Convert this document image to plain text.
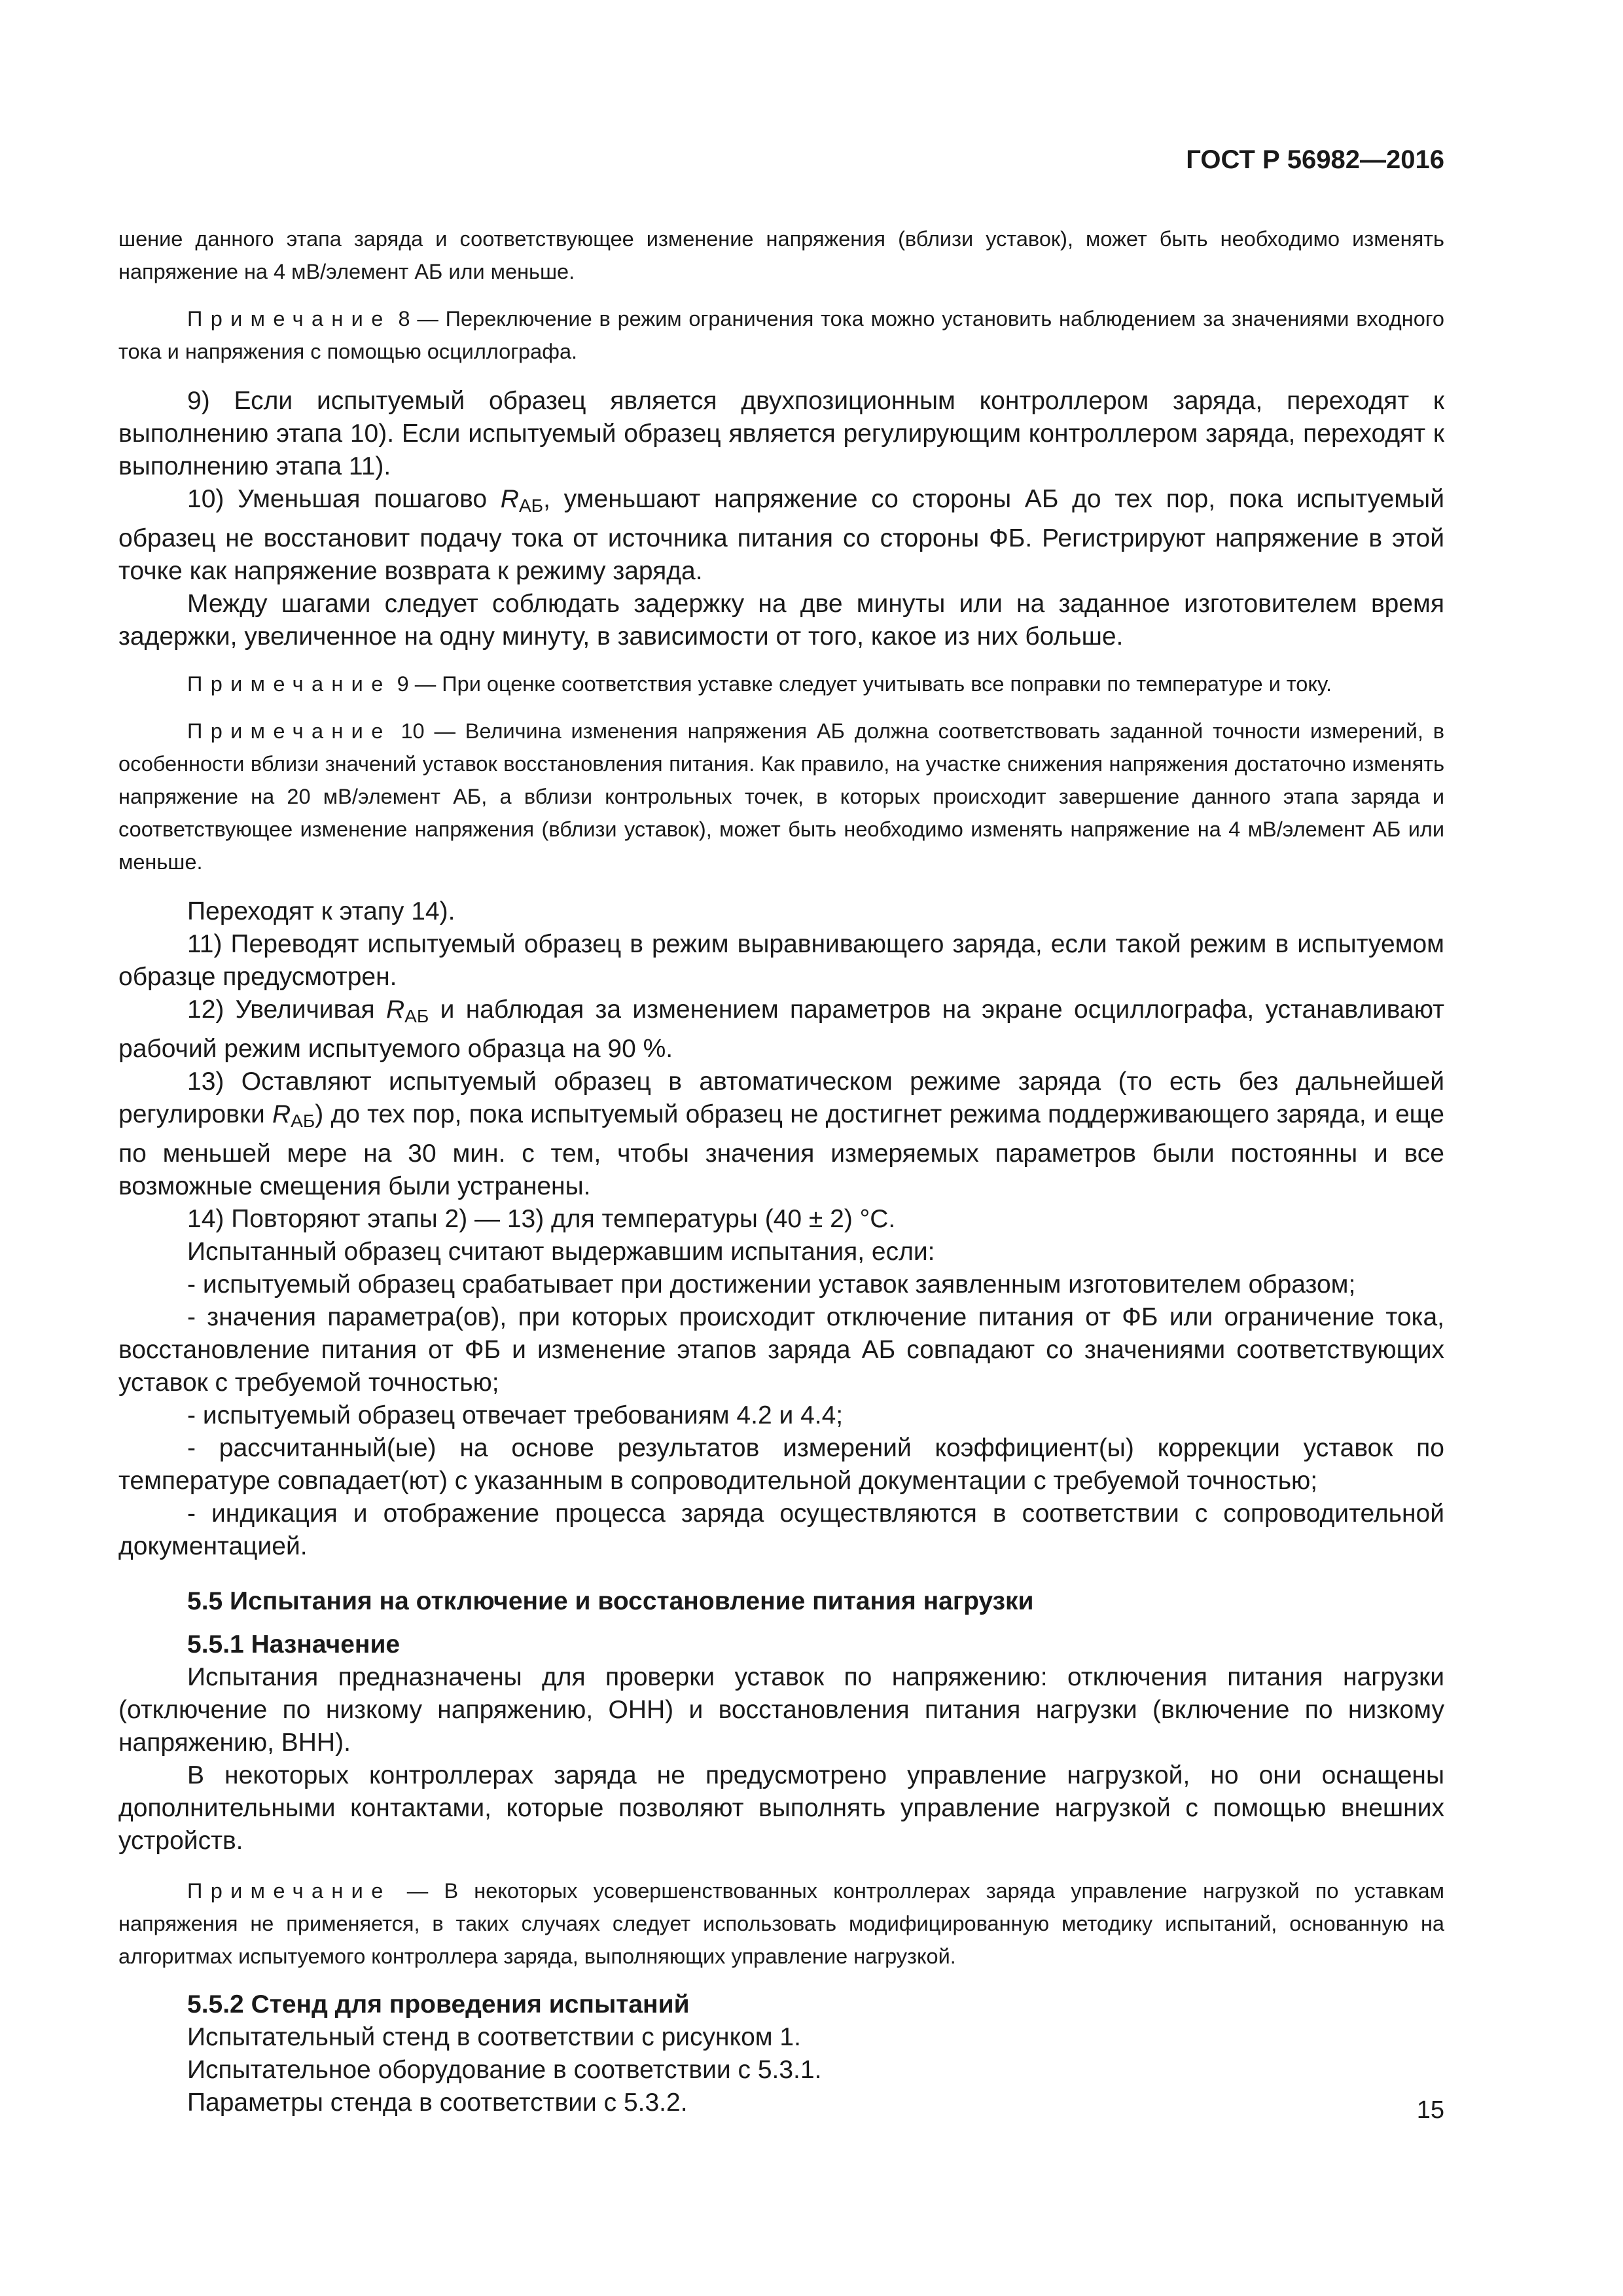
ГОСТ Р 56982—2016

шение данного этапа заряда и соответствующее изменение напряжения (вблизи уставок), может быть необходимо изменять напряжение на 4 мВ/элемент АБ или меньше.

Примечание 8 — Переключение в режим ограничения тока можно установить наблюдением за значениями входного тока и напряжения с помощью осциллографа.

9) Если испытуемый образец является двухпозиционным контроллером заряда, переходят к выполнению этапа 10). Если испытуемый образец является регулирующим контроллером заряда, переходят к выполнению этапа 11).

10) Уменьшая пошагово $R_{АБ}$, уменьшают напряжение со стороны АБ до тех пор, пока испытуемый образец не восстановит подачу тока от источника питания со стороны ФБ. Регистрируют напряжение в этой точке как напряжение возврата к режиму заряда.

Между шагами следует соблюдать задержку на две минуты или на заданное изготовителем время задержки, увеличенное на одну минуту, в зависимости от того, какое из них больше.

Примечание 9 — При оценке соответствия уставке следует учитывать все поправки по температуре и току.

Примечание 10 — Величина изменения напряжения АБ должна соответствовать заданной точности измерений, в особенности вблизи значений уставок восстановления питания. Как правило, на участке снижения напряжения достаточно изменять напряжение на 20 мВ/элемент АБ, а вблизи контрольных точек, в которых происходит завершение данного этапа заряда и соответствующее изменение напряжения (вблизи уставок), может быть необходимо изменять напряжение на 4 мВ/элемент АБ или меньше.

Переходят к этапу 14).

11) Переводят испытуемый образец в режим выравнивающего заряда, если такой режим в испытуемом образце предусмотрен.

12) Увеличивая $R_{АБ}$ и наблюдая за изменением параметров на экране осциллографа, устанавливают рабочий режим испытуемого образца на 90 %.

13) Оставляют испытуемый образец в автоматическом режиме заряда (то есть без дальнейшей регулировки $R_{АБ}$) до тех пор, пока испытуемый образец не достигнет режима поддерживающего заряда, и еще по меньшей мере на 30 мин. с тем, чтобы значения измеряемых параметров были постоянны и все возможные смещения были устранены.

14) Повторяют этапы 2) — 13) для температуры (40 ± 2) °С.

Испытанный образец считают выдержавшим испытания, если:

- испытуемый образец срабатывает при достижении уставок заявленным изготовителем образом;

- значения параметра(ов), при которых происходит отключение питания от ФБ или ограничение тока, восстановление питания от ФБ и изменение этапов заряда АБ совпадают со значениями соответствующих уставок с требуемой точностью;

- испытуемый образец отвечает требованиям 4.2 и 4.4;

- рассчитанный(ые) на основе результатов измерений коэффициент(ы) коррекции уставок по температуре совпадает(ют) с указанным в сопроводительной документации с требуемой точностью;

- индикация и отображение процесса заряда осуществляются в соответствии с сопроводительной документацией.

5.5 Испытания на отключение и восстановление питания нагрузки

5.5.1 Назначение

Испытания предназначены для проверки уставок по напряжению: отключения питания нагрузки (отключение по низкому напряжению, ОНН) и восстановления питания нагрузки (включение по низкому напряжению, ВНН).

В некоторых контроллерах заряда не предусмотрено управление нагрузкой, но они оснащены дополнительными контактами, которые позволяют выполнять управление нагрузкой с помощью внешних устройств.

Примечание — В некоторых усовершенствованных контроллерах заряда управление нагрузкой по уставкам напряжения не применяется, в таких случаях следует использовать модифицированную методику испытаний, основанную на алгоритмах испытуемого контроллера заряда, выполняющих управление нагрузкой.

5.5.2 Стенд для проведения испытаний

Испытательный стенд в соответствии с рисунком 1.

Испытательное оборудование в соответствии с 5.3.1.

Параметры стенда в соответствии с 5.3.2.	15
